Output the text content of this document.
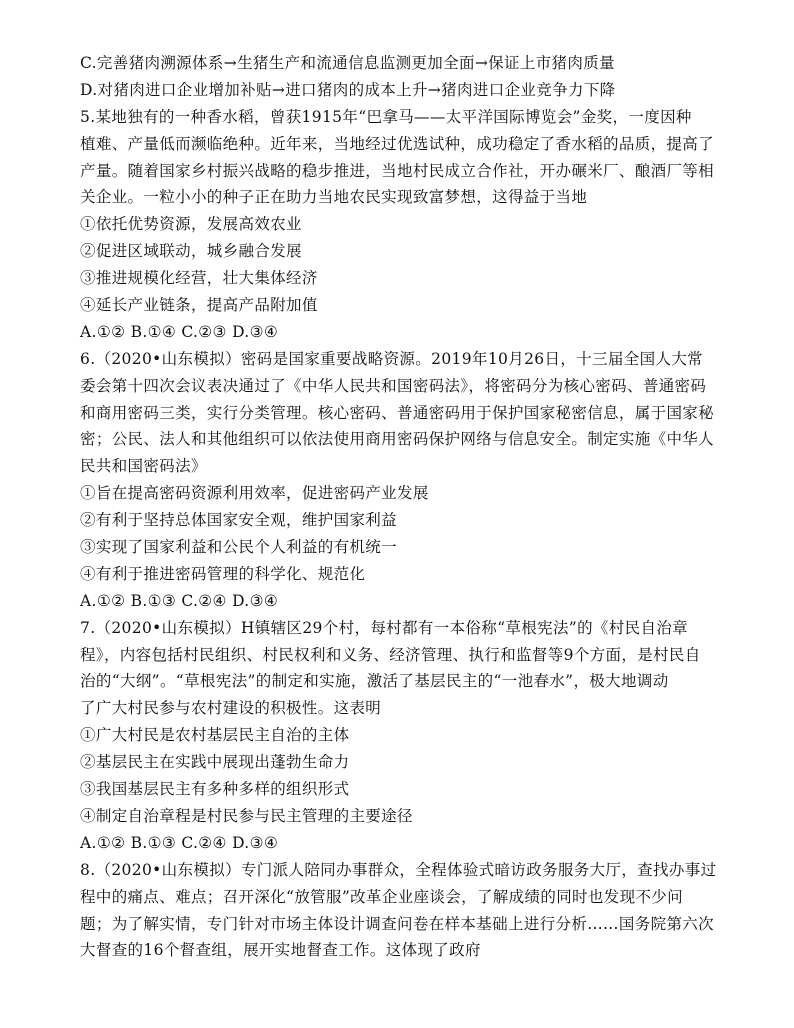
C.完善猪肉溯源体系→生猪生产和流通信息监测更加全面→保证上市猪肉质量
D.对猪肉进口企业增加补贴→进口猪肉的成本上升→猪肉进口企业竞争力下降
5.某地独有的一种香水稻，曾获1915年“巴拿马——太平洋国际博览会”金奖，一度因种
植难、产量低而濒临绝种。近年来，当地经过优选试种，成功稳定了香水稻的品质，提高了
产量。随着国家乡村振兴战略的稳步推进，当地村民成立合作社，开办碾米厂、酿酒厂等相
关企业。一粒小小的种子正在助力当地农民实现致富梦想，这得益于当地
①依托优势资源，发展高效农业
②促进区域联动，城乡融合发展
③推进规模化经营，壮大集体经济
④延长产业链条，提高产品附加值
A.①② B.①④ C.②③ D.③④
6.（2020•山东模拟）密码是国家重要战略资源。2019年10月26日，十三届全国人大常
委会第十四次会议表决通过了《中华人民共和国密码法》，将密码分为核心密码、普通密码
和商用密码三类，实行分类管理。核心密码、普通密码用于保护国家秘密信息，属于国家秘
密；公民、法人和其他组织可以依法使用商用密码保护网络与信息安全。制定实施《中华人
民共和国密码法》
①旨在提高密码资源利用效率，促进密码产业发展
②有利于坚持总体国家安全观，维护国家利益
③实现了国家利益和公民个人利益的有机统一
④有利于推进密码管理的科学化、规范化
A.①② B.①③ C.②④ D.③④
7.（2020•山东模拟）H镇辖区29个村，每村都有一本俗称“草根宪法”的《村民自治章
程》，内容包括村民组织、村民权利和义务、经济管理、执行和监督等9个方面，是村民自
治的“大纲”。“草根宪法”的制定和实施，激活了基层民主的“一池春水”，极大地调动
了广大村民参与农村建设的积极性。这表明
①广大村民是农村基层民主自治的主体
②基层民主在实践中展现出蓬勃生命力
③我国基层民主有多种多样的组织形式
④制定自治章程是村民参与民主管理的主要途径
A.①② B.①③ C.②④ D.③④
8.（2020•山东模拟）专门派人陪同办事群众，全程体验式暗访政务服务大厅，查找办事过
程中的痛点、难点；召开深化“放管服”改革企业座谈会，了解成绩的同时也发现不少问
题；为了解实情，专门针对市场主体设计调查问卷在样本基础上进行分析……国务院第六次
大督查的16个督查组，展开实地督查工作。这体现了政府
